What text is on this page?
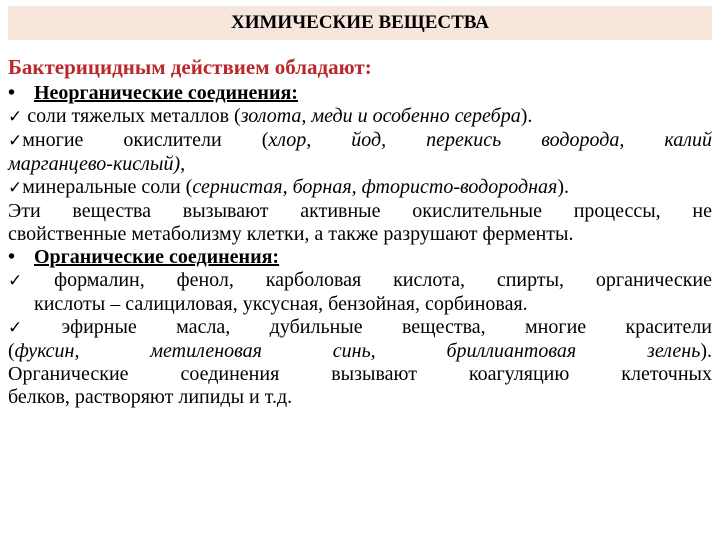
ХИМИЧЕСКИЕ ВЕЩЕСТВА

Бактерицидным действием обладают:

• Неорганические соединения:

✓ соли тяжелых металлов (золота, меди и особенно серебра).

✓многие окислители (хлор, йод, перекись водорода, калий

марганцево-кислый),

✓минеральные соли (сернистая, борная, фтористо-водородная).

Эти вещества вызывают активные окислительные процессы, не

свойственные метаболизму клетки, а также разрушают ферменты.

• Органические соединения:

✓ формалин, фенол, карболовая кислота, спирты, органические

кислоты – салициловая, уксусная, бензойная, сорбиновая.

✓ эфирные масла, дубильные вещества, многие красители

(фуксин, метиленовая синь, бриллиантовая зелень).

Органические соединения вызывают коагуляцию клеточных

белков, растворяют липиды и т.д.
